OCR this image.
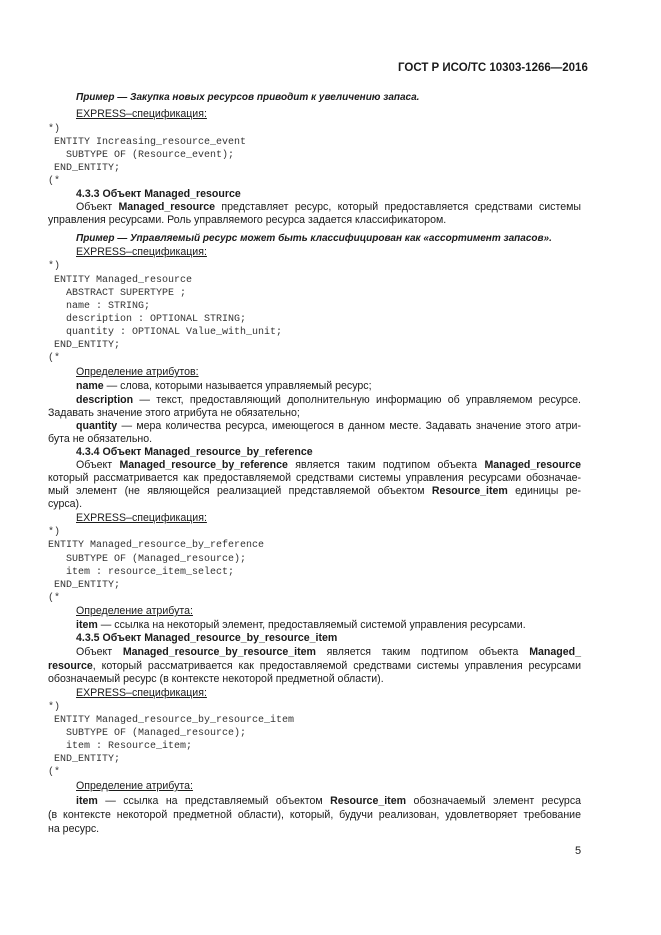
ГОСТ Р ИСО/ТС 10303-1266—2016
Пример — Закупка новых ресурсов приводит к увеличению запаса.
EXPRESS–спецификация:
*)
ENTITY Increasing_resource_event
SUBTYPE OF (Resource_event);
END_ENTITY;
(*
4.3.3 Объект Managed_resource
Объект Managed_resource представляет ресурс, который предоставляется средствами системы
управления ресурсами. Роль управляемого ресурса задается классификатором.
Пример — Управляемый ресурс может быть классифицирован как «ассортимент запасов».
EXPRESS–спецификация:
*)
ENTITY Managed_resource
ABSTRACT SUPERTYPE ;
name : STRING;
description : OPTIONAL STRING;
quantity : OPTIONAL Value_with_unit;
END_ENTITY;
(*
Определение атрибутов:
name — слова, которыми называется управляемый ресурс;
description — текст, предоставляющий дополнительную информацию об управляемом ресурсе.
Задавать значение этого атрибута не обязательно;
quantity — мера количества ресурса, имеющегося в данном месте. Задавать значение этого атри-
бута не обязательно.
4.3.4 Объект Managed_resource_by_reference
Объект Managed_resource_by_reference является таким подтипом объекта Managed_resource
который рассматривается как предоставляемой средствами системы управления ресурсами обозначае-
мый элемент (не являющейся реализацией представляемой объектом Resource_item единицы ре-
сурса).
EXPRESS–спецификация:
*)
ENTITY Managed_resource_by_reference
SUBTYPE OF (Managed_resource);
item : resource_item_select;
END_ENTITY;
(*
Определение атрибута:
item — ссылка на некоторый элемент, предоставляемый системой управления ресурсами.
4.3.5 Объект Managed_resource_by_resource_item
Объект Managed_resource_by_resource_item является таким подтипом объекта Managed_
resource, который рассматривается как предоставляемой средствами системы управления ресурсами
обозначаемый ресурс (в контексте некоторой предметной области).
EXPRESS–спецификация:
*)
ENTITY Managed_resource_by_resource_item
SUBTYPE OF (Managed_resource);
item : Resource_item;
END_ENTITY;
(*
Определение атрибута:
item — ссылка на представляемый объектом Resource_item обозначаемый элемент ресурса
(в контексте некоторой предметной области), который, будучи реализован, удовлетворяет требование
на ресурс.
5
